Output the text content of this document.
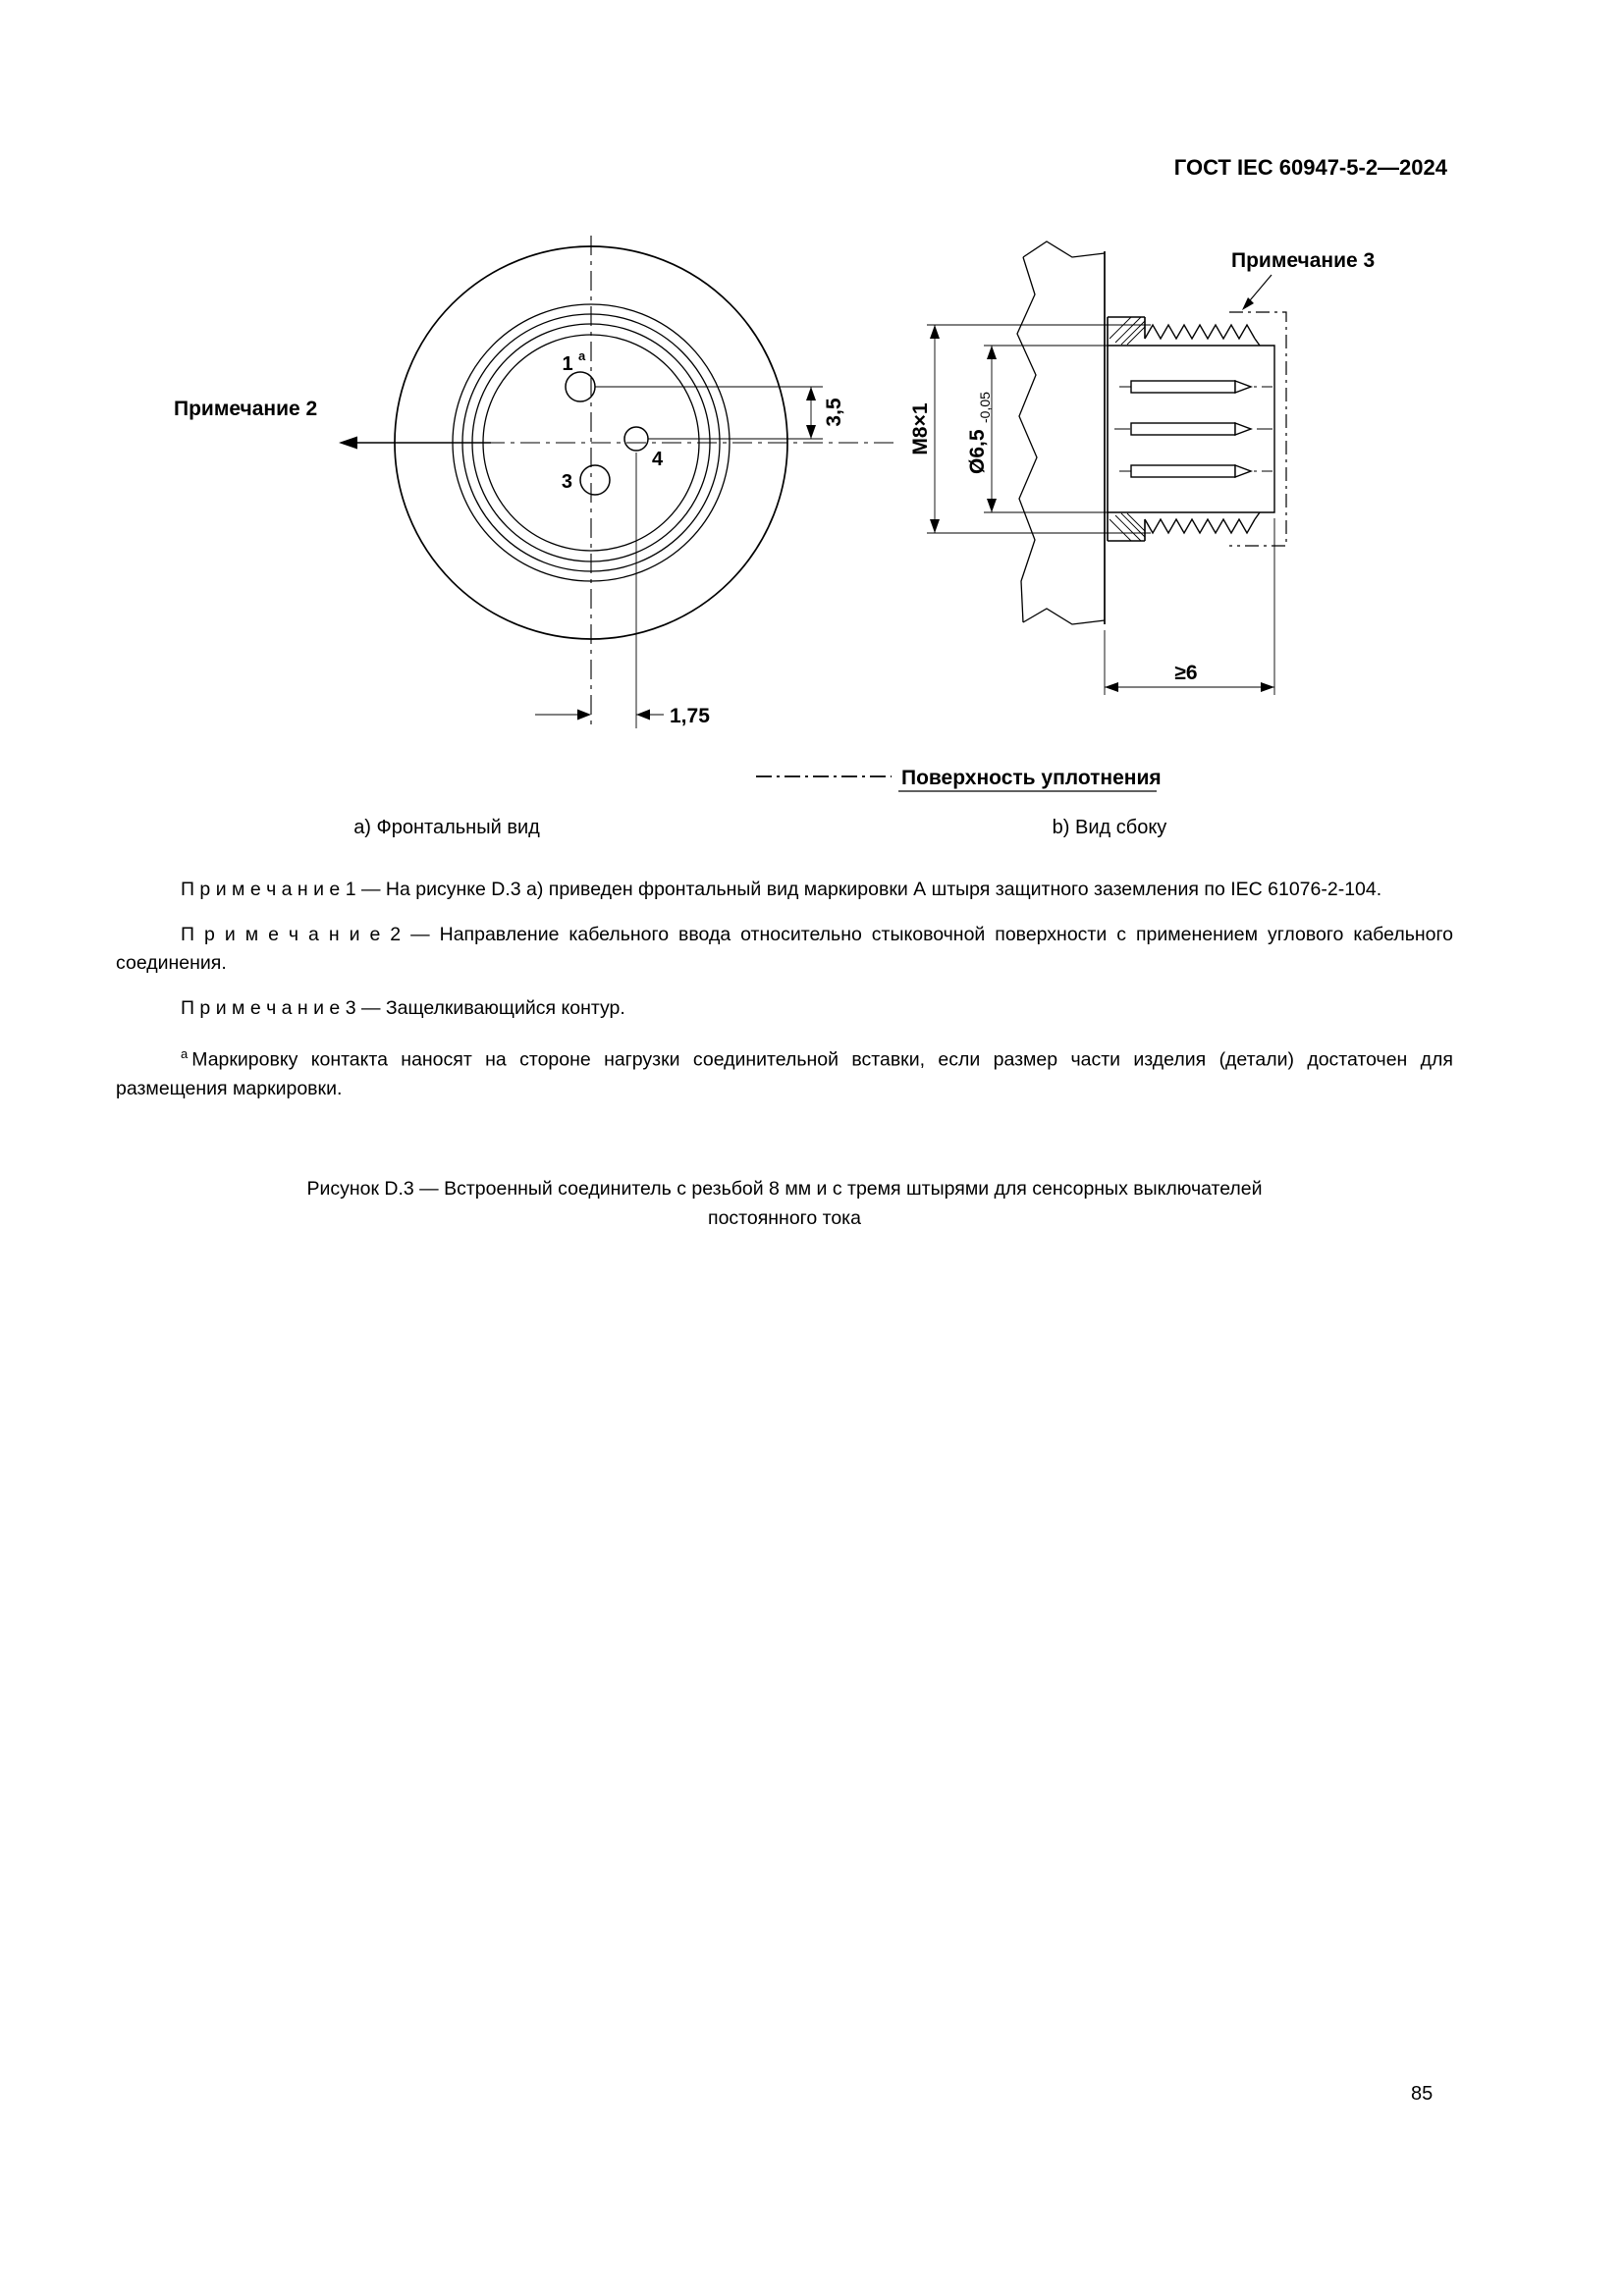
ГОСТ IEC 60947-5-2—2024
1 a
3
4
Примечание 2	3,5
1,75
Примечание 3
M8×1 Ø6,5
-0,05
≥6
Поверхность уплотнения
a) Фронтальный вид	b) Вид сбоку

П р и м е ч а н и е 1 — На рисунке D.3 a) приведен фронтальный вид маркировки А штыря защитного заземления по IEC 61076-2-104.

П р и м е ч а н и е 2 — Направление кабельного ввода относительно стыковочной поверхности с применением углового кабельного соединения.

П р и м е ч а н и е 3 — Защелкивающийся контур.

$^a$ Маркировку контакта наносят на стороне нагрузки соединительной вставки, если размер части изделия (детали) достаточен для размещения маркировки.

Рисунок D.3 — Встроенный соединитель с резьбой 8 мм и с тремя штырями для сенсорных выключателей
постоянного тока
85
